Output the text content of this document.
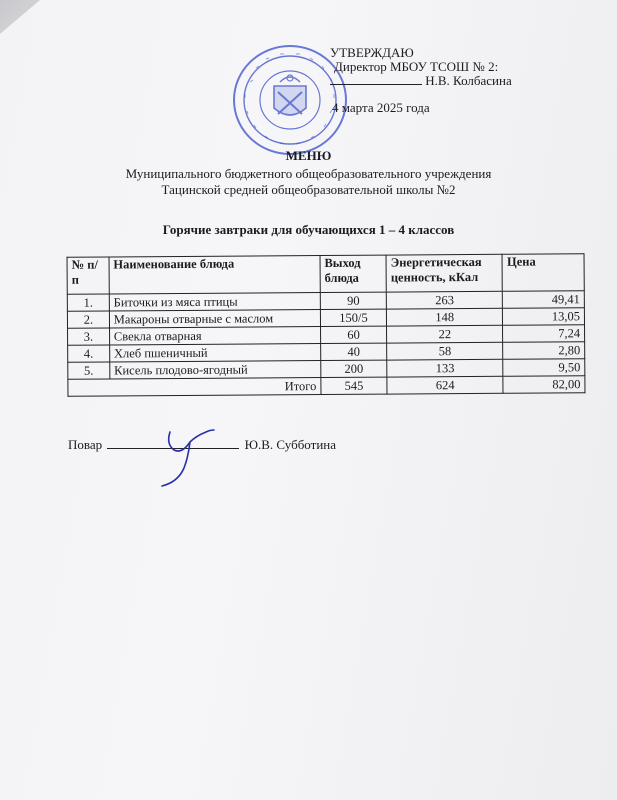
УТВЕРЖДАЮ
Директор МБОУ ТСОШ № 2:
Н.В. Колбасина
4 марта 2025 года
МЕНЮ
Муниципального бюджетного общеобразовательного учреждения
Тацинской средней общеобразовательной школы №2
Горячие завтраки для обучающихся 1 – 4 классов
№ п/п	Наименование блюда	Выход блюда	Энергетическая ценность, кКал	Цена
1.	Биточки из мяса птицы	90	263	49,41
2.	Макароны отварные с маслом	150/5	148	13,05
3.	Свекла отварная	60	22	7,24
4.	Хлеб пшеничный	40	58	2,80
5.	Кисель плодово-ягодный	200	133	9,50
Итого		545	624	82,00
Повар	Ю.В. Субботина
